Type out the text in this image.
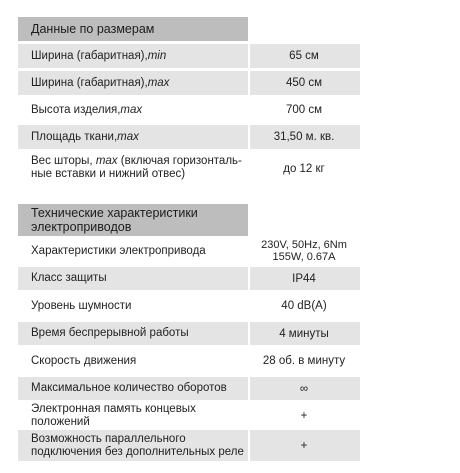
Данные по размерам
Ширина (габаритная), min	65 см
Ширина (габаритная), max	450 см
Высота изделия, max	700 см
Площадь ткани, max	31,50 м. кв.
Вес шторы, max (включая горизонталь-ные вставки и нижний отвес)	до 12 кг
Технические характеристики электроприводов
Характеристики электропривода	230V, 50Hz, 6Nm 155W, 0.67A
Класс защиты	IP44
Уровень шумности	40 dB(A)
Время беспрерывной работы	4 минуты
Скорость движения	28 об. в минуту
Максимальное количество оборотов	∞
Электронная память концевых положений	+
Возможность параллельного подключения без дополнительных реле	+
